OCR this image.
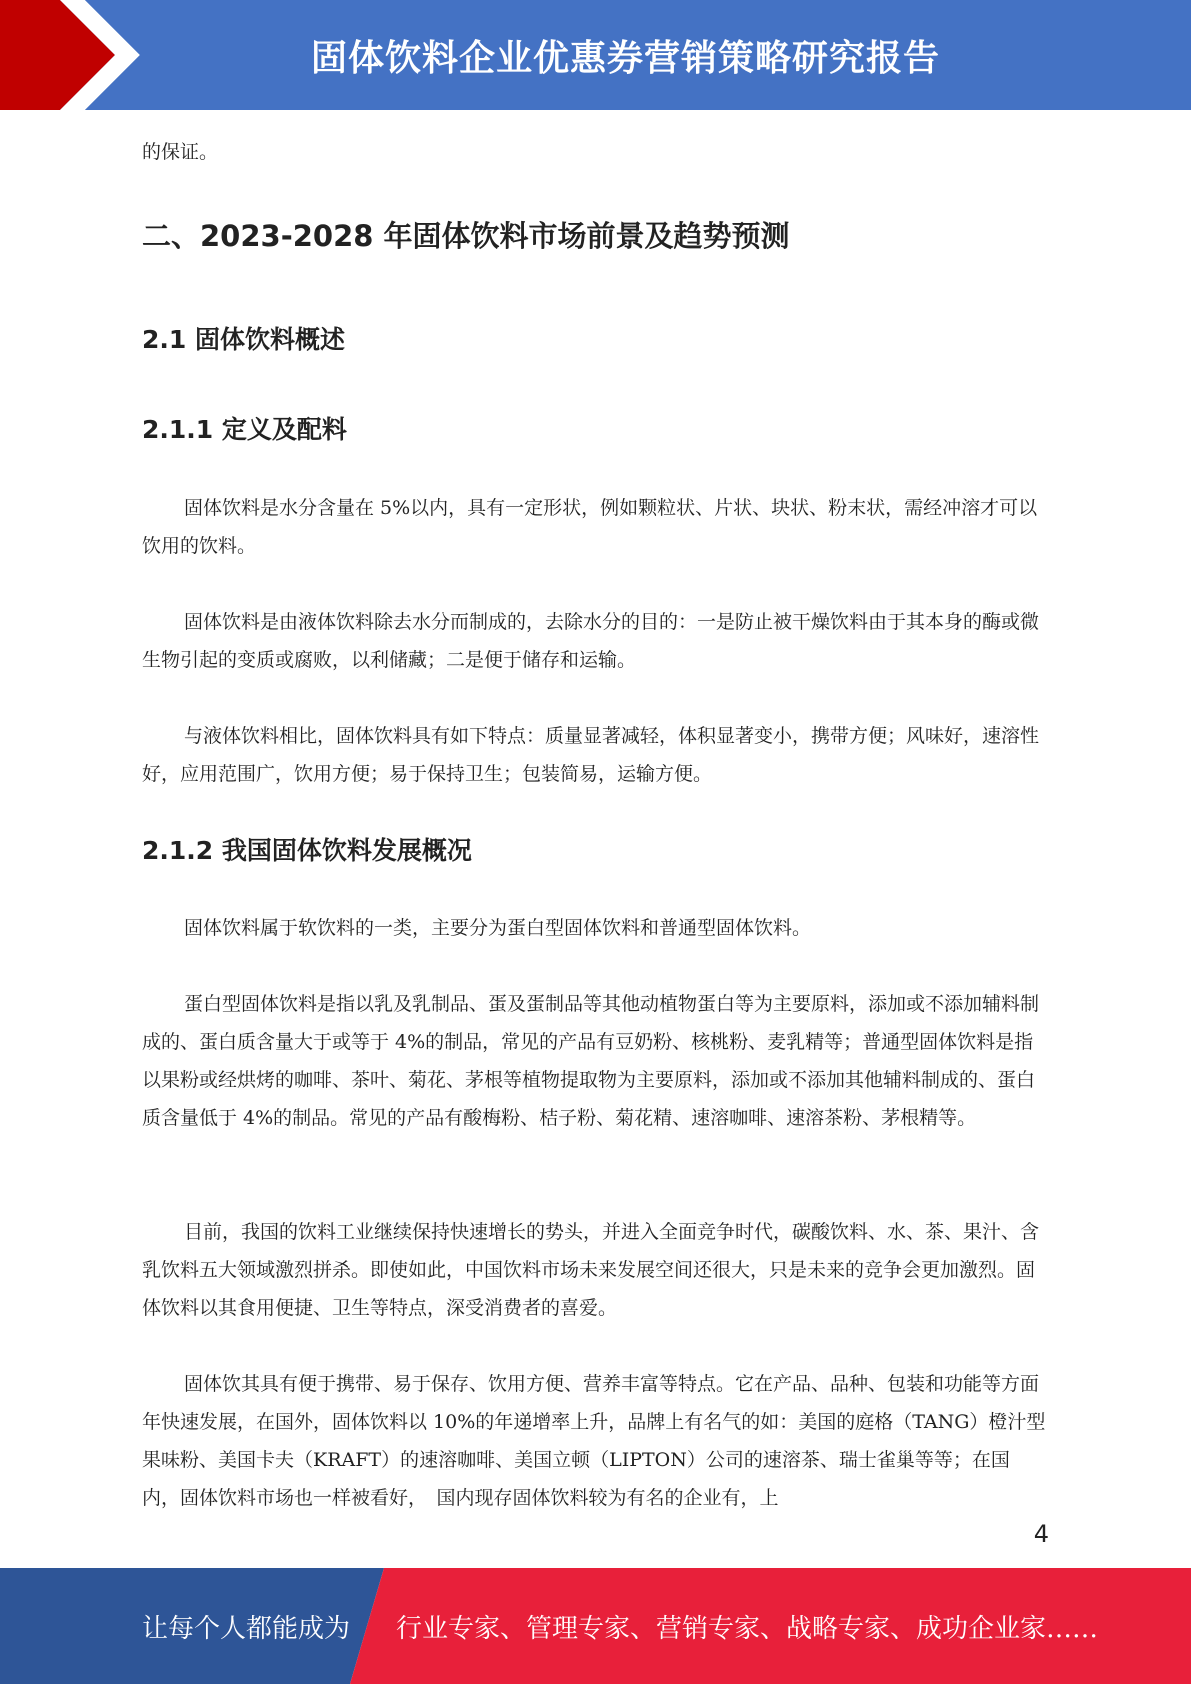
固体饮料企业优惠券营销策略研究报告

的保证。

二、2023-2028 年固体饮料市场前景及趋势预测
2.1 固体饮料概述
2.1.1 定义及配料

固体饮料是水分含量在 5%以内，具有一定形状，例如颗粒状、片状、块状、粉末状，需经冲溶才可以饮用的饮料。

固体饮料是由液体饮料除去水分而制成的，去除水分的目的：一是防止被干燥饮料由于其本身的酶或微生物引起的变质或腐败，以利储藏；二是便于储存和运输。

与液体饮料相比，固体饮料具有如下特点：质量显著减轻，体积显著变小，携带方便；风味好，速溶性好，应用范围广，饮用方便；易于保持卫生；包装简易，运输方便。

2.1.2 我国固体饮料发展概况

固体饮料属于软饮料的一类，主要分为蛋白型固体饮料和普通型固体饮料。

蛋白型固体饮料是指以乳及乳制品、蛋及蛋制品等其他动植物蛋白等为主要原料，添加或不添加辅料制成的、蛋白质含量大于或等于 4%的制品，常见的产品有豆奶粉、核桃粉、麦乳精等；普通型固体饮料是指以果粉或经烘烤的咖啡、茶叶、菊花、茅根等植物提取物为主要原料，添加或不添加其他辅料制成的、蛋白质含量低于 4%的制品。常见的产品有酸梅粉、桔子粉、菊花精、速溶咖啡、速溶茶粉、茅根精等。

目前，我国的饮料工业继续保持快速增长的势头，并进入全面竞争时代，碳酸饮料、水、茶、果汁、含乳饮料五大领域激烈拼杀。即使如此，中国饮料市场未来发展空间还很大，只是未来的竞争会更加激烈。固体饮料以其食用便捷、卫生等特点，深受消费者的喜爱。

固体饮其具有便于携带、易于保存、饮用方便、营养丰富等特点。它在产品、品种、包装和功能等方面年快速发展，在国外，固体饮料以 10%的年递增率上升，品牌上有名气的如：美国的庭格（TANG）橙汁型果味粉、美国卡夫（KRAFT）的速溶咖啡、美国立顿（LIPTON）公司的速溶茶、瑞士雀巢等等；在国内，固体饮料市场也一样被看好，　国内现存固体饮料较为有名的企业有，上

4
让每个人都能成为 行业专家、管理专家、营销专家、战略专家、成功企业家……
